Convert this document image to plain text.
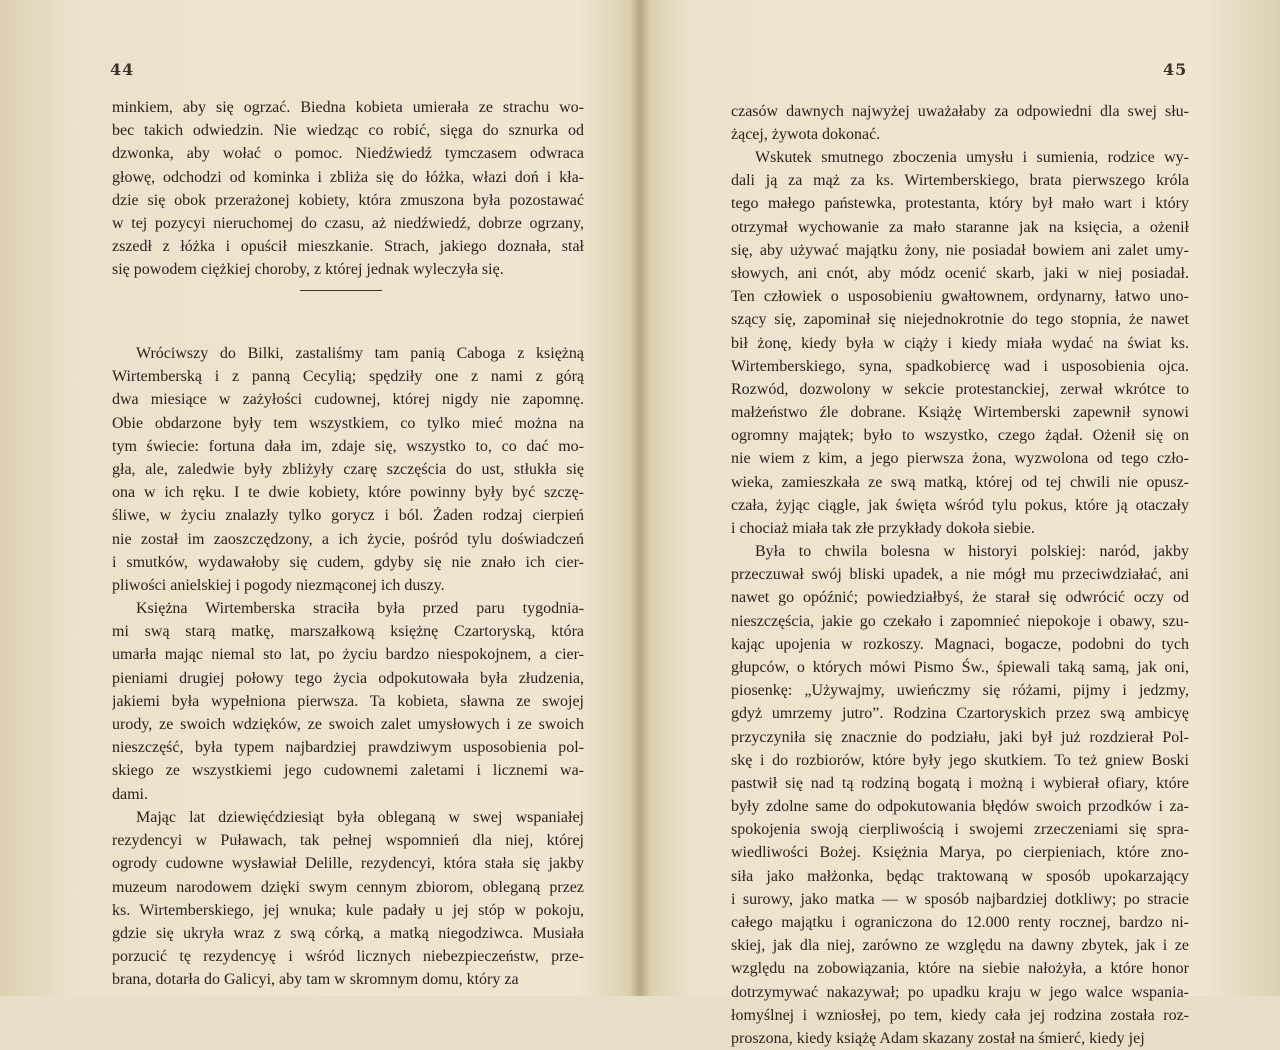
44
minkiem, aby się ogrzać. Biedna kobieta umierała ze strachu wo-
bec takich odwiedzin. Nie wiedząc co robić, sięga do sznurka od
dzwonka, aby wołać o pomoc. Niedźwiedź tymczasem odwraca
głowę, odchodzi od kominka i zbliża się do łóżka, włazi doń i kła-
dzie się obok przerażonej kobiety, która zmuszona była pozostawać
w tej pozycyi nieruchomej do czasu, aż niedźwiedź, dobrze ogrzany,
zszedł z łóżka i opuścił mieszkanie. Strach, jakiego doznała, stał
się powodem ciężkiej choroby, z której jednak wyleczyła się.
Wróciwszy do Bilki, zastaliśmy tam panią Caboga z księżną
Wirtemberską i z panną Cecylią; spędziły one z nami z górą
dwa miesiące w zażyłości cudownej, której nigdy nie zapomnę.
Obie obdarzone były tem wszystkiem, co tylko mieć można na
tym świecie: fortuna dała im, zdaje się, wszystko to, co dać mo-
gła, ale, zaledwie były zbliżyły czarę szczęścia do ust, stłukła się
ona w ich ręku. I te dwie kobiety, które powinny były być szczę-
śliwe, w życiu znalazły tylko gorycz i ból. Żaden rodzaj cierpień
nie został im zaoszczędzony, a ich życie, pośród tylu doświadczeń
i smutków, wydawałoby się cudem, gdyby się nie znało ich cier-
pliwości anielskiej i pogody niezmąconej ich duszy.
Księżna Wirtemberska straciła była przed paru tygodnia-
mi swą starą matkę, marszałkową księżnę Czartoryską, która
umarła mając niemal sto lat, po życiu bardzo niespokojnem, a cier-
pieniami drugiej połowy tego życia odpokutowała była złudzenia,
jakiemi była wypełniona pierwsza. Ta kobieta, sławna ze swojej
urody, ze swoich wdzięków, ze swoich zalet umysłowych i ze swoich
nieszczęść, była typem najbardziej prawdziwym usposobienia pol-
skiego ze wszystkiemi jego cudownemi zaletami i licznemi wa-
dami.
Mając lat dziewięćdziesiąt była obleganą w swej wspaniałej
rezydencyi w Puławach, tak pełnej wspomnień dla niej, której
ogrody cudowne wysławiał Delille, rezydencyi, która stała się jakby
muzeum narodowem dzięki swym cennym zbiorom, obleganą przez
ks. Wirtemberskiego, jej wnuka; kule padały u jej stóp w pokoju,
gdzie się ukryła wraz z swą córką, a matką niegodziwca. Musiała
porzucić tę rezydencyę i wśród licznych niebezpieczeństw, prze-
brana, dotarła do Galicyi, aby tam w skromnym domu, który za
45
czasów dawnych najwyżej uważałaby za odpowiedni dla swej słu-
żącej, żywota dokonać.
Wskutek smutnego zboczenia umysłu i sumienia, rodzice wy-
dali ją za mąż za ks. Wirtemberskiego, brata pierwszego króla
tego małego państewka, protestanta, który był mało wart i który
otrzymał wychowanie za mało staranne jak na księcia, a ożenił
się, aby używać majątku żony, nie posiadał bowiem ani zalet umy-
słowych, ani cnót, aby módz ocenić skarb, jaki w niej posiadał.
Ten człowiek o usposobieniu gwałtownem, ordynarny, łatwo uno-
szący się, zapominał się niejednokrotnie do tego stopnia, że nawet
bił żonę, kiedy była w ciąży i kiedy miała wydać na świat ks.
Wirtemberskiego, syna, spadkobiercę wad i usposobienia ojca.
Rozwód, dozwolony w sekcie protestanckiej, zerwał wkrótce to
małżeństwo źle dobrane. Książę Wirtemberski zapewnił synowi
ogromny majątek; było to wszystko, czego żądał. Ożenił się on
nie wiem z kim, a jego pierwsza żona, wyzwolona od tego czło-
wieka, zamieszkała ze swą matką, której od tej chwili nie opusz-
czała, żyjąc ciągle, jak święta wśród tylu pokus, które ją otaczały
i chociaż miała tak złe przykłady dokoła siebie.
Była to chwila bolesna w historyi polskiej: naród, jakby
przeczuwał swój bliski upadek, a nie mógł mu przeciwdziałać, ani
nawet go opóźnić; powiedziałbyś, że starał się odwrócić oczy od
nieszczęścia, jakie go czekało i zapomnieć niepokoje i obawy, szu-
kając upojenia w rozkoszy. Magnaci, bogacze, podobni do tych
głupców, o których mówi Pismo Św., śpiewali taką samą, jak oni,
piosenkę: „Używajmy, uwieńczmy się różami, pijmy i jedzmy,
gdyż umrzemy jutro”. Rodzina Czartoryskich przez swą ambicyę
przyczyniła się znacznie do podziału, jaki był już rozdzierał Pol-
skę i do rozbiorów, które były jego skutkiem. To też gniew Boski
pastwił się nad tą rodziną bogatą i możną i wybierał ofiary, które
były zdolne same do odpokutowania błędów swoich przodków i za-
spokojenia swoją cierpliwością i swojemi zrzeczeniami się spra-
wiedliwości Bożej. Księżnia Marya, po cierpieniach, które zno-
siła jako małżonka, będąc traktowaną w sposób upokarzający
i surowy, jako matka — w sposób najbardziej dotkliwy; po stracie
całego majątku i ograniczona do 12.000 renty rocznej, bardzo ni-
skiej, jak dla niej, zarówno ze względu na dawny zbytek, jak i ze
względu na zobowiązania, które na siebie nałożyła, a które honor
dotrzymywać nakazywał; po upadku kraju w jego walce wspania-
łomyślnej i wzniosłej, po tem, kiedy cała jej rodzina została roz-
proszona, kiedy książę Adam skazany został na śmierć, kiedy jej
